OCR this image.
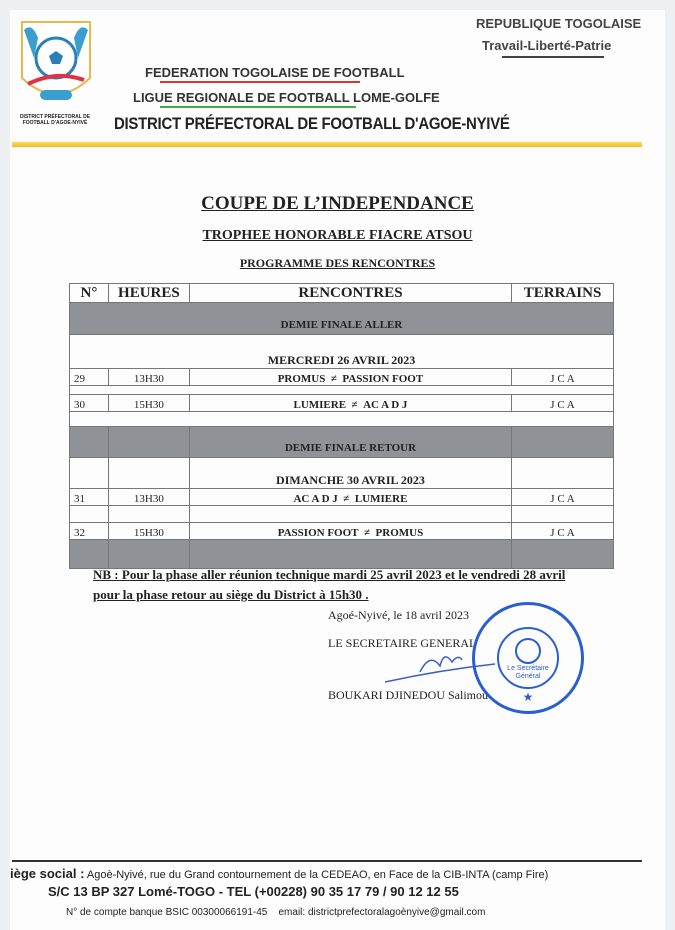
DISTRICT PRÉFECTORAL DE FOOTBALL D'AGOE-NYIVÉ
REPUBLIQUE TOGOLAISE
Travail-Liberté-Patrie
FEDERATION TOGOLAISE DE FOOTBALL
LIGUE REGIONALE DE FOOTBALL LOME-GOLFE
DISTRICT PRÉFECTORAL DE FOOTBALL D'AGOE-NYIVÉ
COUPE DE L’INDEPENDANCE
TROPHEE HONORABLE FIACRE ATSOU
PROGRAMME DES RENCONTRES
N°	HEURES	RENCONTRES	TERRAINS
DEMIE FINALE ALLER			
MERCREDI 26 AVRIL 2023			
29	13H30	PROMUS ≠ PASSION FOOT	J C A

30	15H30	LUMIERE ≠ AC A D J	J C A

		DEMIE FINALE RETOUR	
		DIMANCHE 30 AVRIL 2023	
31	13H30	AC A D J ≠ LUMIERE	J C A

32	15H30	PASSION FOOT ≠ PROMUS	J C A

NB : Pour la phase aller réunion technique mardi 25 avril 2023 et le vendredi 28 avril pour la phase retour au siège du District à 15h30 .
Agoé-Nyivé, le 18 avril 2023
LE SECRETAIRE GENERAL
BOUKARI DJINEDOU Salimou	★
Le Secrétaire Général
iège social : Agoè-Nyivé, rue du Grand contournement de la CEDEAO, en Face de la CIB-INTA (camp Fire)
S/C 13 BP 327 Lomé-TOGO - TEL (+00228) 90 35 17 79 / 90 12 12 55
N° de compte banque BSIC 00300066191-45 email: districtprefectoralagoènyive@gmail.com
